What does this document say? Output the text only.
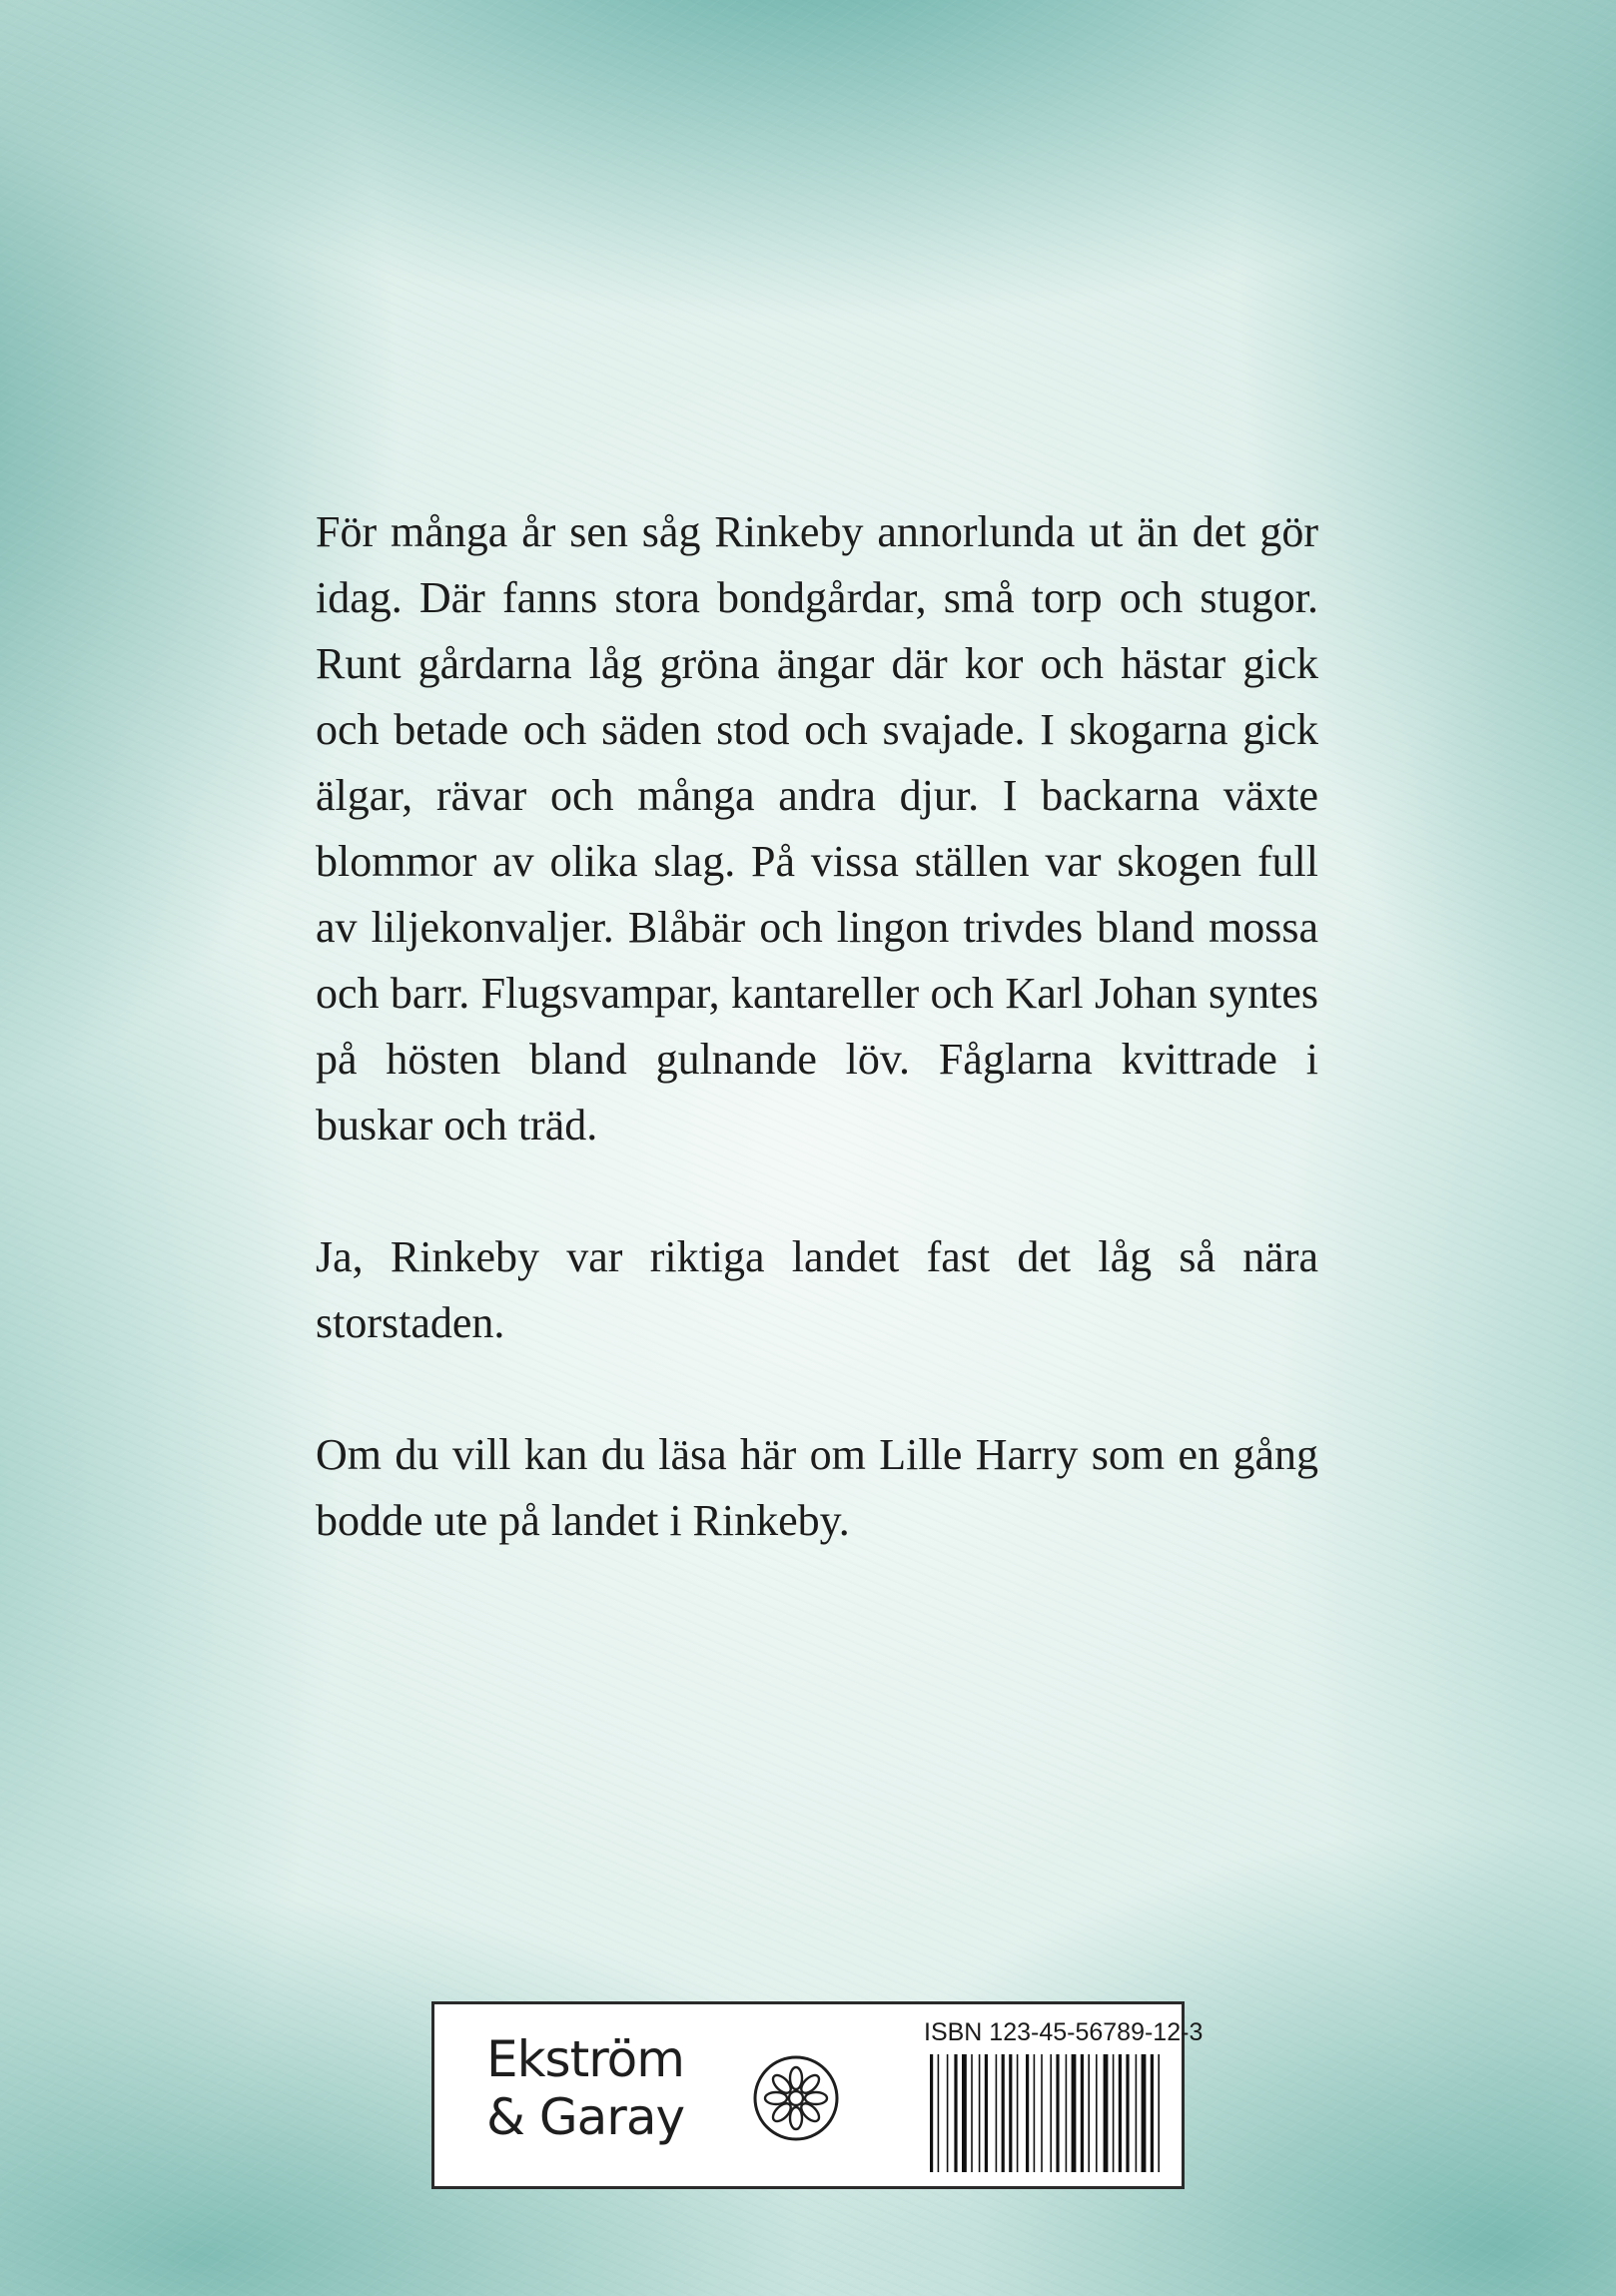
För många år sen såg Rinkeby annorlunda ut än det gör idag. Där fanns stora bondgårdar, små torp och stugor. Runt gårdarna låg gröna ängar där kor och hästar gick och betade och säden stod och svajade. I skogarna gick älgar, rävar och många andra djur. I backarna växte blommor av olika slag. På vissa ställen var skogen full av liljekonvaljer. Blåbär och lingon trivdes bland mossa och barr. Flugsvampar, kantareller och Karl Johan syntes på hösten bland gulnande löv. Fåglarna kvittrade i buskar och träd.

Ja, Rinkeby var riktiga landet fast det låg så nära storstaden.

Om du vill kan du läsa här om Lille Harry som en gång bodde ute på landet i Rinkeby.

Ekström
& Garay
ISBN 123-45-56789-12-3
